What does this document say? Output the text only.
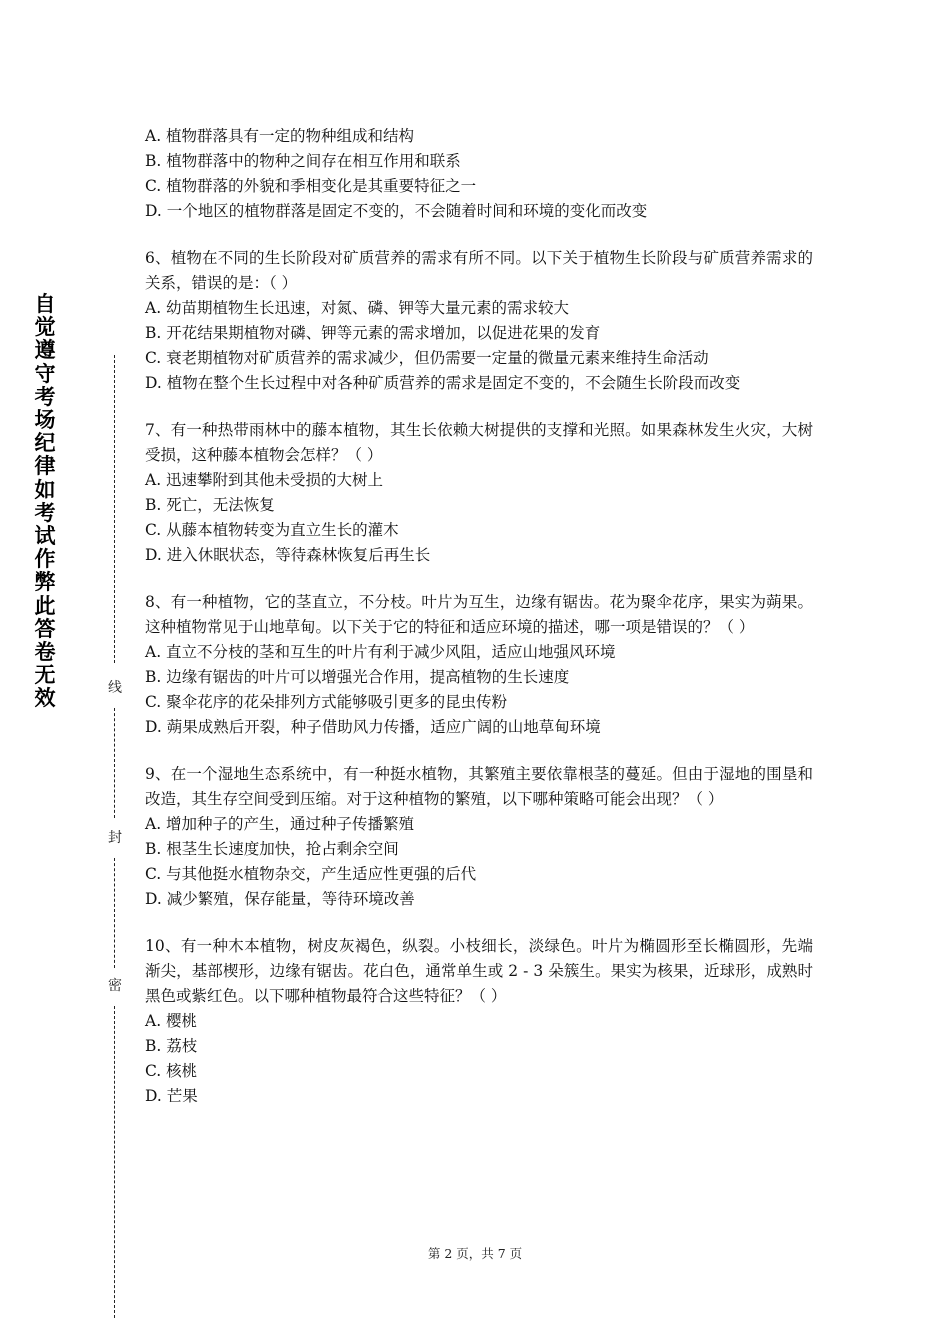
自觉遵守考场纪律如考试作弊此答卷无效	线
封
密
A. 植物群落具有一定的物种组成和结构
B. 植物群落中的物种之间存在相互作用和联系
C. 植物群落的外貌和季相变化是其重要特征之一
D. 一个地区的植物群落是固定不变的，不会随着时间和环境的变化而改变
6、植物在不同的生长阶段对矿质营养的需求有所不同。以下关于植物生长阶段与矿质营养需求的关系，错误的是：（ ）
A. 幼苗期植物生长迅速，对氮、磷、钾等大量元素的需求较大
B. 开花结果期植物对磷、钾等元素的需求增加，以促进花果的发育
C. 衰老期植物对矿质营养的需求减少，但仍需要一定量的微量元素来维持生命活动
D. 植物在整个生长过程中对各种矿质营养的需求是固定不变的，不会随生长阶段而改变
7、有一种热带雨林中的藤本植物，其生长依赖大树提供的支撑和光照。如果森林发生火灾，大树受损，这种藤本植物会怎样？（ ）
A. 迅速攀附到其他未受损的大树上
B. 死亡，无法恢复
C. 从藤本植物转变为直立生长的灌木
D. 进入休眠状态，等待森林恢复后再生长
8、有一种植物，它的茎直立，不分枝。叶片为互生，边缘有锯齿。花为聚伞花序，果实为蒴果。这种植物常见于山地草甸。以下关于它的特征和适应环境的描述，哪一项是错误的？（ ）
A. 直立不分枝的茎和互生的叶片有利于减少风阻，适应山地强风环境
B. 边缘有锯齿的叶片可以增强光合作用，提高植物的生长速度
C. 聚伞花序的花朵排列方式能够吸引更多的昆虫传粉
D. 蒴果成熟后开裂，种子借助风力传播，适应广阔的山地草甸环境
9、在一个湿地生态系统中，有一种挺水植物，其繁殖主要依靠根茎的蔓延。但由于湿地的围垦和改造，其生存空间受到压缩。对于这种植物的繁殖，以下哪种策略可能会出现？（ ）
A. 增加种子的产生，通过种子传播繁殖
B. 根茎生长速度加快，抢占剩余空间
C. 与其他挺水植物杂交，产生适应性更强的后代
D. 减少繁殖，保存能量，等待环境改善
10、有一种木本植物，树皮灰褐色，纵裂。小枝细长，淡绿色。叶片为椭圆形至长椭圆形，先端渐尖，基部楔形，边缘有锯齿。花白色，通常单生或 2 - 3 朵簇生。果实为核果，近球形，成熟时黑色或紫红色。以下哪种植物最符合这些特征？（ ）
A. 樱桃
B. 荔枝
C. 核桃
D. 芒果
第 2 页，共 7 页
